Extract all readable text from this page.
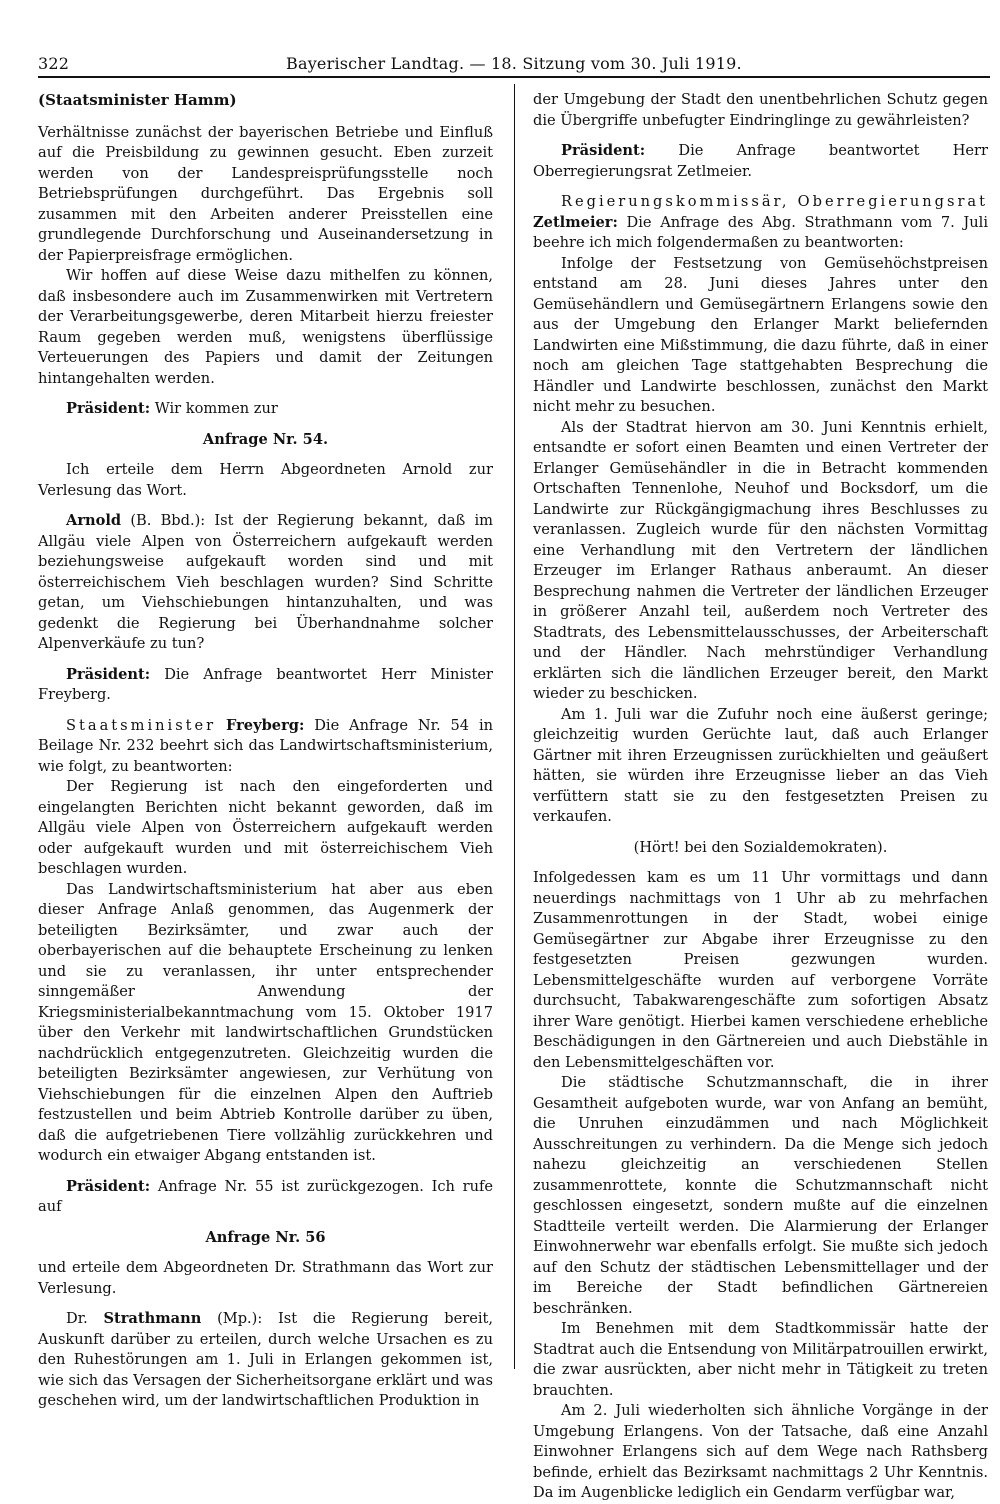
322	Bayerischer Landtag. — 18. Sitzung vom 30. Juli 1919.

(Staatsminister Hamm)

Verhältnisse zunächst der bayerischen Betriebe und Einfluß auf die Preisbildung zu gewinnen gesucht. Eben zurzeit werden von der Landespreisprüfungsstelle noch Betriebsprüfungen durchgeführt. Das Ergebnis soll zusammen mit den Arbeiten anderer Preisstellen eine grundlegende Durchforschung und Auseinandersetzung in der Papierpreisfrage ermöglichen.

Wir hoffen auf diese Weise dazu mithelfen zu können, daß insbesondere auch im Zusammenwirken mit Vertretern der Verarbeitungsgewerbe, deren Mitarbeit hierzu freiester Raum gegeben werden muß, wenigstens überflüssige Verteuerungen des Papiers und damit der Zeitungen hintangehalten werden.

Präsident: Wir kommen zur

Anfrage Nr. 54.

Ich erteile dem Herrn Abgeordneten Arnold zur Verlesung das Wort.

Arnold (B. Bbd.): Ist der Regierung bekannt, daß im Allgäu viele Alpen von Österreichern aufgekauft werden beziehungsweise aufgekauft worden sind und mit österreichischem Vieh beschlagen wurden? Sind Schritte getan, um Viehschiebungen hintanzuhalten, und was gedenkt die Regierung bei Überhandnahme solcher Alpenverkäufe zu tun?

Präsident: Die Anfrage beantwortet Herr Minister Freyberg.

Staatsminister Freyberg: Die Anfrage Nr. 54 in Beilage Nr. 232 beehrt sich das Landwirtschaftsministerium, wie folgt, zu beantworten:

Der Regierung ist nach den eingeforderten und eingelangten Berichten nicht bekannt geworden, daß im Allgäu viele Alpen von Österreichern aufgekauft werden oder aufgekauft wurden und mit österreichischem Vieh beschlagen wurden.

Das Landwirtschaftsministerium hat aber aus eben dieser Anfrage Anlaß genommen, das Augenmerk der beteiligten Bezirksämter, und zwar auch der oberbayerischen auf die behauptete Erscheinung zu lenken und sie zu veranlassen, ihr unter entsprechender sinngemäßer Anwendung der Kriegsministerialbekanntmachung vom 15. Oktober 1917 über den Verkehr mit landwirtschaftlichen Grundstücken nachdrücklich entgegenzutreten. Gleichzeitig wurden die beteiligten Bezirksämter angewiesen, zur Verhütung von Viehschiebungen für die einzelnen Alpen den Auftrieb festzustellen und beim Abtrieb Kontrolle darüber zu üben, daß die aufgetriebenen Tiere vollzählig zurückkehren und wodurch ein etwaiger Abgang entstanden ist.

Präsident: Anfrage Nr. 55 ist zurückgezogen. Ich rufe auf

Anfrage Nr. 56

und erteile dem Abgeordneten Dr. Strathmann das Wort zur Verlesung.

Dr. Strathmann (Mp.): Ist die Regierung bereit, Auskunft darüber zu erteilen, durch welche Ursachen es zu den Ruhestörungen am 1. Juli in Erlangen gekommen ist, wie sich das Versagen der Sicherheitsorgane erklärt und was geschehen wird, um der landwirtschaftlichen Produktion in

der Umgebung der Stadt den unentbehrlichen Schutz gegen die Übergriffe unbefugter Eindringlinge zu gewährleisten?

Präsident: Die Anfrage beantwortet Herr Oberregierungsrat Zetlmeier.

Regierungskommissär, Oberregierungsrat Zetlmeier: Die Anfrage des Abg. Strathmann vom 7. Juli beehre ich mich folgendermaßen zu beantworten:

Infolge der Festsetzung von Gemüsehöchstpreisen entstand am 28. Juni dieses Jahres unter den Gemüsehändlern und Gemüsegärtnern Erlangens sowie den aus der Umgebung den Erlanger Markt beliefernden Landwirten eine Mißstimmung, die dazu führte, daß in einer noch am gleichen Tage stattgehabten Besprechung die Händler und Landwirte beschlossen, zunächst den Markt nicht mehr zu besuchen.

Als der Stadtrat hiervon am 30. Juni Kenntnis erhielt, entsandte er sofort einen Beamten und einen Vertreter der Erlanger Gemüsehändler in die in Betracht kommenden Ortschaften Tennenlohe, Neuhof und Bocksdorf, um die Landwirte zur Rückgängigmachung ihres Beschlusses zu veranlassen. Zugleich wurde für den nächsten Vormittag eine Verhandlung mit den Vertretern der ländlichen Erzeuger im Erlanger Rathaus anberaumt. An dieser Besprechung nahmen die Vertreter der ländlichen Erzeuger in größerer Anzahl teil, außerdem noch Vertreter des Stadtrats, des Lebensmittelausschusses, der Arbeiterschaft und der Händler. Nach mehrstündiger Verhandlung erklärten sich die ländlichen Erzeuger bereit, den Markt wieder zu beschicken.

Am 1. Juli war die Zufuhr noch eine äußerst geringe; gleichzeitig wurden Gerüchte laut, daß auch Erlanger Gärtner mit ihren Erzeugnissen zurückhielten und geäußert hätten, sie würden ihre Erzeugnisse lieber an das Vieh verfüttern statt sie zu den festgesetzten Preisen zu verkaufen.

(Hört! bei den Sozialdemokraten).

Infolgedessen kam es um 11 Uhr vormittags und dann neuerdings nachmittags von 1 Uhr ab zu mehrfachen Zusammenrottungen in der Stadt, wobei einige Gemüsegärtner zur Abgabe ihrer Erzeugnisse zu den festgesetzten Preisen gezwungen wurden. Lebensmittelgeschäfte wurden auf verborgene Vorräte durchsucht, Tabakwarengeschäfte zum sofortigen Absatz ihrer Ware genötigt. Hierbei kamen verschiedene erhebliche Beschädigungen in den Gärtnereien und auch Diebstähle in den Lebensmittelgeschäften vor.

Die städtische Schutzmannschaft, die in ihrer Gesamtheit aufgeboten wurde, war von Anfang an bemüht, die Unruhen einzudämmen und nach Möglichkeit Ausschreitungen zu verhindern. Da die Menge sich jedoch nahezu gleichzeitig an verschiedenen Stellen zusammenrottete, konnte die Schutzmannschaft nicht geschlossen eingesetzt, sondern mußte auf die einzelnen Stadtteile verteilt werden. Die Alarmierung der Erlanger Einwohnerwehr war ebenfalls erfolgt. Sie mußte sich jedoch auf den Schutz der städtischen Lebensmittellager und der im Bereiche der Stadt befindlichen Gärtnereien beschränken.

Im Benehmen mit dem Stadtkommissär hatte der Stadtrat auch die Entsendung von Militärpatrouillen erwirkt, die zwar ausrückten, aber nicht mehr in Tätigkeit zu treten brauchten.

Am 2. Juli wiederholten sich ähnliche Vorgänge in der Umgebung Erlangens. Von der Tatsache, daß eine Anzahl Einwohner Erlangens sich auf dem Wege nach Rathsberg befinde, erhielt das Bezirksamt nachmittags 2 Uhr Kenntnis. Da im Augenblicke lediglich ein Gendarm verfügbar war,
